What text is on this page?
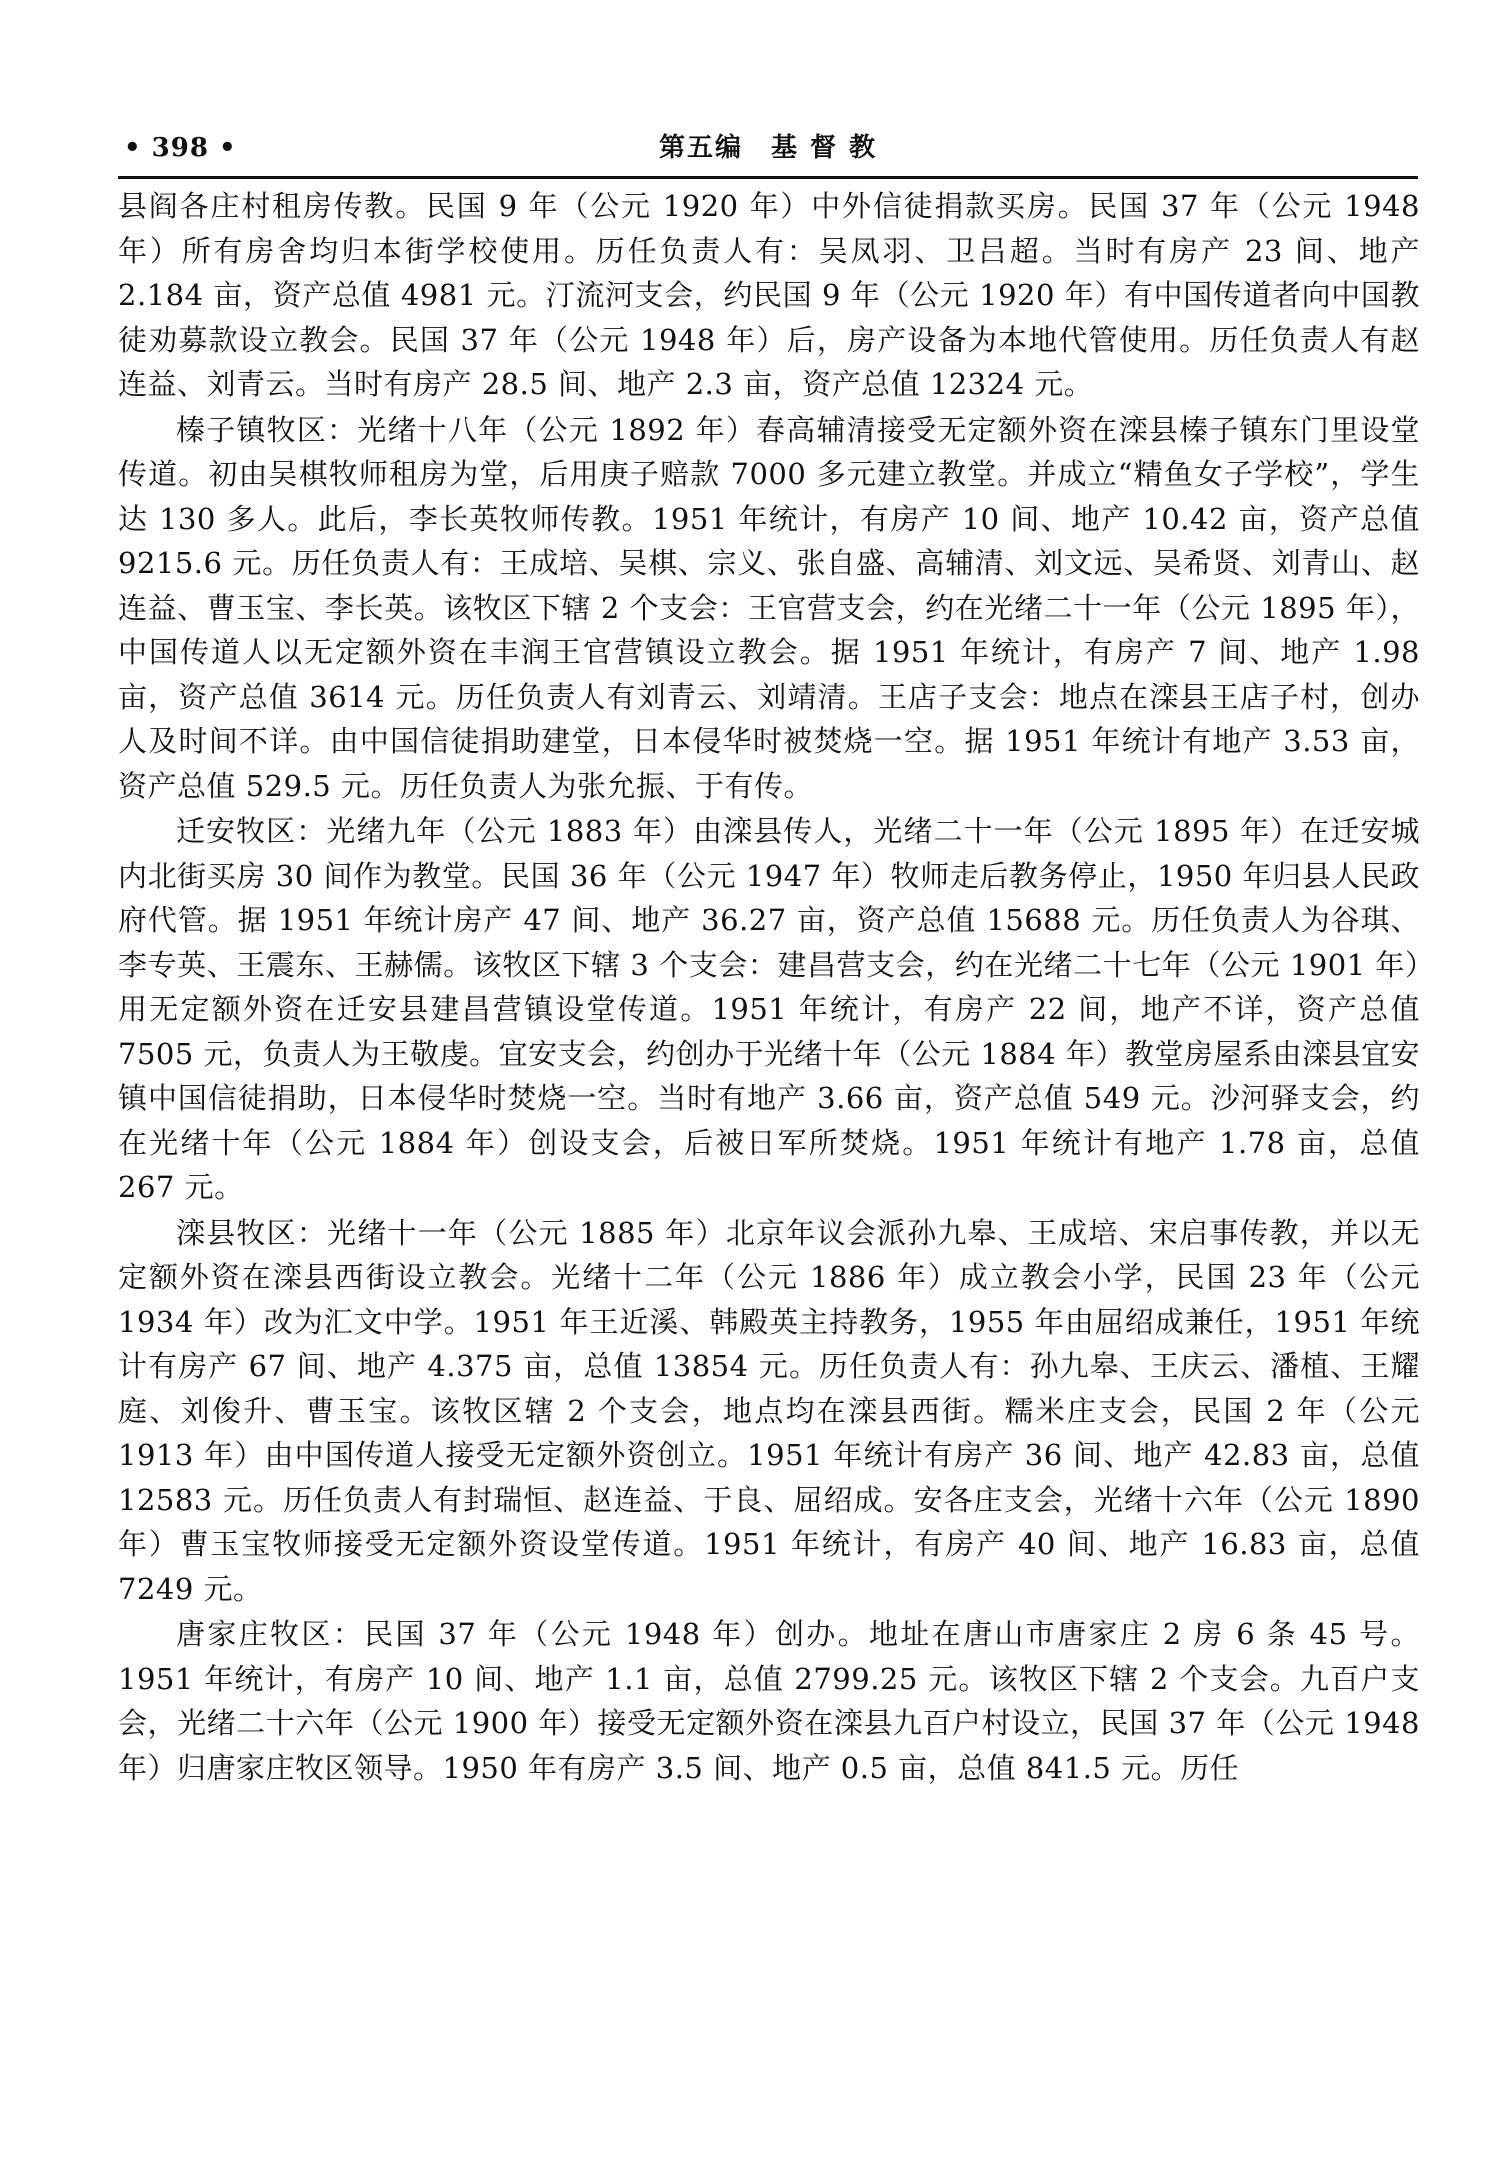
• 398 •	第五编　基 督 教

县阎各庄村租房传教。民国 9 年（公元 1920 年）中外信徒捐款买房。民国 37 年（公元 1948 年）所有房舍均归本街学校使用。历任负责人有：吴凤羽、卫吕超。当时有房产 23 间、地产 2.184 亩，资产总值 4981 元。汀流河支会，约民国 9 年（公元 1920 年）有中国传道者向中国教徒劝募款设立教会。民国 37 年（公元 1948 年）后，房产设备为本地代管使用。历任负责人有赵连益、刘青云。当时有房产 28.5 间、地产 2.3 亩，资产总值 12324 元。

榛子镇牧区：光绪十八年（公元 1892 年）春高辅清接受无定额外资在滦县榛子镇东门里设堂传道。初由吴棋牧师租房为堂，后用庚子赔款 7000 多元建立教堂。并成立“精鱼女子学校”，学生达 130 多人。此后，李长英牧师传教。1951 年统计，有房产 10 间、地产 10.42 亩，资产总值 9215.6 元。历任负责人有：王成培、吴棋、宗义、张自盛、高辅清、刘文远、吴希贤、刘青山、赵连益、曹玉宝、李长英。该牧区下辖 2 个支会：王官营支会，约在光绪二十一年（公元 1895 年），中国传道人以无定额外资在丰润王官营镇设立教会。据 1951 年统计，有房产 7 间、地产 1.98 亩，资产总值 3614 元。历任负责人有刘青云、刘靖清。王店子支会：地点在滦县王店子村，创办人及时间不详。由中国信徒捐助建堂，日本侵华时被焚烧一空。据 1951 年统计有地产 3.53 亩，资产总值 529.5 元。历任负责人为张允振、于有传。

迁安牧区：光绪九年（公元 1883 年）由滦县传人，光绪二十一年（公元 1895 年）在迁安城内北街买房 30 间作为教堂。民国 36 年（公元 1947 年）牧师走后教务停止，1950 年归县人民政府代管。据 1951 年统计房产 47 间、地产 36.27 亩，资产总值 15688 元。历任负责人为谷琪、李专英、王震东、王赫儒。该牧区下辖 3 个支会：建昌营支会，约在光绪二十七年（公元 1901 年）用无定额外资在迁安县建昌营镇设堂传道。1951 年统计，有房产 22 间，地产不详，资产总值 7505 元，负责人为王敬虔。宜安支会，约创办于光绪十年（公元 1884 年）教堂房屋系由滦县宜安镇中国信徒捐助，日本侵华时焚烧一空。当时有地产 3.66 亩，资产总值 549 元。沙河驿支会，约在光绪十年（公元 1884 年）创设支会，后被日军所焚烧。1951 年统计有地产 1.78 亩，总值 267 元。

滦县牧区：光绪十一年（公元 1885 年）北京年议会派孙九皋、王成培、宋启事传教，并以无定额外资在滦县西街设立教会。光绪十二年（公元 1886 年）成立教会小学，民国 23 年（公元 1934 年）改为汇文中学。1951 年王近溪、韩殿英主持教务，1955 年由屈绍成兼任，1951 年统计有房产 67 间、地产 4.375 亩，总值 13854 元。历任负责人有：孙九皋、王庆云、潘植、王耀庭、刘俊升、曹玉宝。该牧区辖 2 个支会，地点均在滦县西街。糯米庄支会，民国 2 年（公元 1913 年）由中国传道人接受无定额外资创立。1951 年统计有房产 36 间、地产 42.83 亩，总值 12583 元。历任负责人有封瑞恒、赵连益、于良、屈绍成。安各庄支会，光绪十六年（公元 1890 年）曹玉宝牧师接受无定额外资设堂传道。1951 年统计，有房产 40 间、地产 16.83 亩，总值 7249 元。

唐家庄牧区：民国 37 年（公元 1948 年）创办。地址在唐山市唐家庄 2 房 6 条 45 号。1951 年统计，有房产 10 间、地产 1.1 亩，总值 2799.25 元。该牧区下辖 2 个支会。九百户支会，光绪二十六年（公元 1900 年）接受无定额外资在滦县九百户村设立，民国 37 年（公元 1948 年）归唐家庄牧区领导。1950 年有房产 3.5 间、地产 0.5 亩，总值 841.5 元。历任
